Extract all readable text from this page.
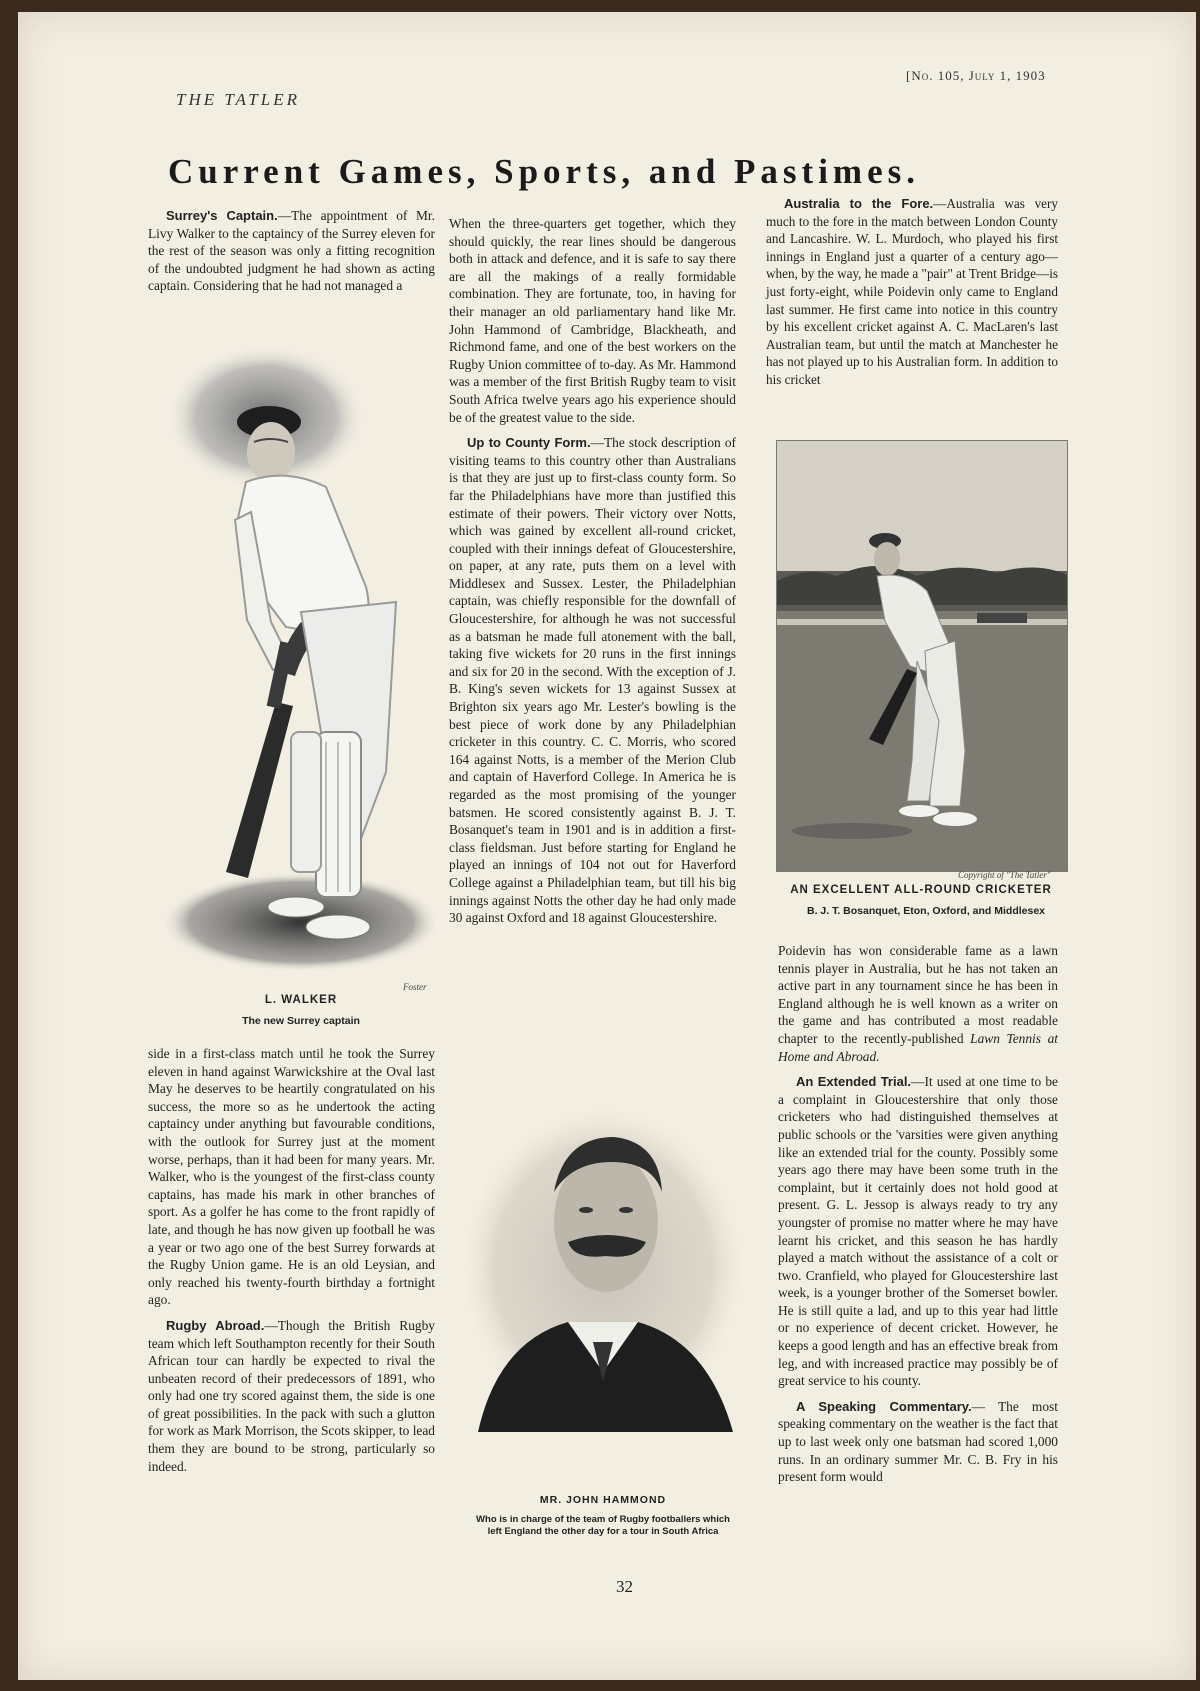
THE TATLER
[No. 105, July 1, 1903
Current Games, Sports, and Pastimes.

Surrey's Captain.—The appointment of Mr. Livy Walker to the captaincy of the Surrey eleven for the rest of the season was only a fitting recognition of the undoubted judgment he had shown as acting captain. Considering that he had not managed a

Foster
L. WALKER
The new Surrey captain

side in a first-class match until he took the Surrey eleven in hand against Warwickshire at the Oval last May he deserves to be heartily congratulated on his success, the more so as he undertook the acting captaincy under anything but favourable conditions, with the outlook for Surrey just at the moment worse, perhaps, than it had been for many years. Mr. Walker, who is the youngest of the first-class county captains, has made his mark in other branches of sport. As a golfer he has come to the front rapidly of late, and though he has now given up football he was a year or two ago one of the best Surrey forwards at the Rugby Union game. He is an old Leysian, and only reached his twenty-fourth birthday a fortnight ago.

Rugby Abroad.—Though the British Rugby team which left Southampton recently for their South African tour can hardly be expected to rival the unbeaten record of their predecessors of 1891, who only had one try scored against them, the side is one of great possibilities. In the pack with such a glutton for work as Mark Morrison, the Scots skipper, to lead them they are bound to be strong, particularly so indeed.

When the three-quarters get together, which they should quickly, the rear lines should be dangerous both in attack and defence, and it is safe to say there are all the makings of a really formidable combination. They are fortunate, too, in having for their manager an old parliamentary hand like Mr. John Hammond of Cambridge, Blackheath, and Richmond fame, and one of the best workers on the Rugby Union committee of to-day. As Mr. Hammond was a member of the first British Rugby team to visit South Africa twelve years ago his experience should be of the greatest value to the side.

Up to County Form.—The stock description of visiting teams to this country other than Australians is that they are just up to first-class county form. So far the Philadelphians have more than justified this estimate of their powers. Their victory over Notts, which was gained by excellent all-round cricket, coupled with their innings defeat of Gloucestershire, on paper, at any rate, puts them on a level with Middlesex and Sussex. Lester, the Philadelphian captain, was chiefly responsible for the downfall of Gloucestershire, for although he was not successful as a batsman he made full atonement with the ball, taking five wickets for 20 runs in the first innings and six for 20 in the second. With the exception of J. B. King's seven wickets for 13 against Sussex at Brighton six years ago Mr. Lester's bowling is the best piece of work done by any Philadelphian cricketer in this country. C. C. Morris, who scored 164 against Notts, is a member of the Merion Club and captain of Haverford College. In America he is regarded as the most promising of the younger batsmen. He scored consistently against B. J. T. Bosanquet's team in 1901 and is in addition a first-class fieldsman. Just before starting for England he played an innings of 104 not out for Haverford College against a Philadelphian team, but till his big innings against Notts the other day he had only made 30 against Oxford and 18 against Gloucestershire.

MR. JOHN HAMMOND
Who is in charge of the team of Rugby footballers which left England the other day for a tour in South Africa

Australia to the Fore.—Australia was very much to the fore in the match between London County and Lancashire. W. L. Murdoch, who played his first innings in England just a quarter of a century ago—when, by the way, he made a "pair" at Trent Bridge—is just forty-eight, while Poidevin only came to England last summer. He first came into notice in this country by his excellent cricket against A. C. MacLaren's last Australian team, but until the match at Manchester he has not played up to his Australian form. In addition to his cricket

Copyright of "The Tatler"
AN EXCELLENT ALL-ROUND CRICKETER
B. J. T. Bosanquet, Eton, Oxford, and Middlesex

Poidevin has won considerable fame as a lawn tennis player in Australia, but he has not taken an active part in any tournament since he has been in England although he is well known as a writer on the game and has contributed a most readable chapter to the recently-published Lawn Tennis at Home and Abroad.

An Extended Trial.—It used at one time to be a complaint in Gloucestershire that only those cricketers who had distinguished themselves at public schools or the 'varsities were given anything like an extended trial for the county. Possibly some years ago there may have been some truth in the complaint, but it certainly does not hold good at present. G. L. Jessop is always ready to try any youngster of promise no matter where he may have learnt his cricket, and this season he has hardly played a match without the assistance of a colt or two. Cranfield, who played for Gloucestershire last week, is a younger brother of the Somerset bowler. He is still quite a lad, and up to this year had little or no experience of decent cricket. However, he keeps a good length and has an effective break from leg, and with increased practice may possibly be of great service to his county.

A Speaking Commentary.— The most speaking commentary on the weather is the fact that up to last week only one batsman had scored 1,000 runs. In an ordinary summer Mr. C. B. Fry in his present form would

32
